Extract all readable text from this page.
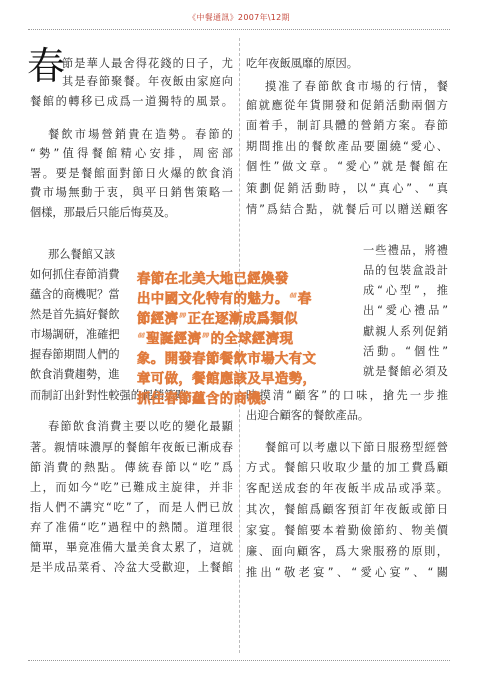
《中餐通訊》2007年\12期
春
節是華人最舍得花錢的日子，尤
其是春節聚餐。年夜飯由家庭向
餐館的轉移已成爲一道獨特的風景。
餐飲市場營銷貴在造勢。春節的
“勢”值得餐館精心安排，周密部
署。要是餐館面對節日火爆的飲食消
費市場無動于衷，與平日銷售策略一
個樣，那最后只能后悔莫及。
那么餐館又該
如何抓住春節消費
蘊含的商機呢？當
然是首先搞好餐飲
市場調研，准確把
握春節期間人們的
飲食消費趨勢，進
而制訂出針對性較强的促銷策略。
春節飲食消費主要以吃的變化最顯
著。親情味濃厚的餐館年夜飯已漸成春
節消費的熱點。傳統春節以“吃”爲
上，而如今“吃”已難成主旋律，并非
指人們不講究“吃”了，而是人們已放
弃了准備“吃”過程中的熱鬧。道理很
簡單，畢竟准備大量美食太累了，這就
是半成品菜肴、冷盆大受歡迎，上餐館
吃年夜飯風靡的原因。
摸准了春節飲食市場的行情，餐
館就應從年貨開發和促銷活動兩個方
面着手，制訂具體的營銷方案。春節
期間推出的餐飲產品要圍繞“愛心、
個性”做文章。“愛心”就是餐館在
策劃促銷活動時，以“真心”、“真
情”爲結合點，就餐后可以贈送顧客
一些禮品，將禮
品的包裝盒設計
成“心型”，推
出“愛心禮品”
獻親人系列促銷
活動。“個性”
就是餐館必須及
時摸清“顧客”的口味，搶先一步推
出迎合顧客的餐飲產品。
餐館可以考慮以下節日服務型經營
方式。餐館只收取少量的加工費爲顧
客配送成套的年夜飯半成品或凈菜。
其次，餐館爲顧客預訂年夜飯或節日
家宴。餐館要本着勤儉節約、物美價
廉、面向顧客，爲大衆服務的原則，
推出“敬老宴”、“愛心宴”、“關
春節在北美大地已經煥發
出中國文化特有的魅力。“春
節經濟”正在逐漸成爲類似
“聖誕經濟”的全球經濟現
象。開發春節餐飲市場大有文
章可做，餐館應該及早造勢，
抓住春節蘊含的商機。
